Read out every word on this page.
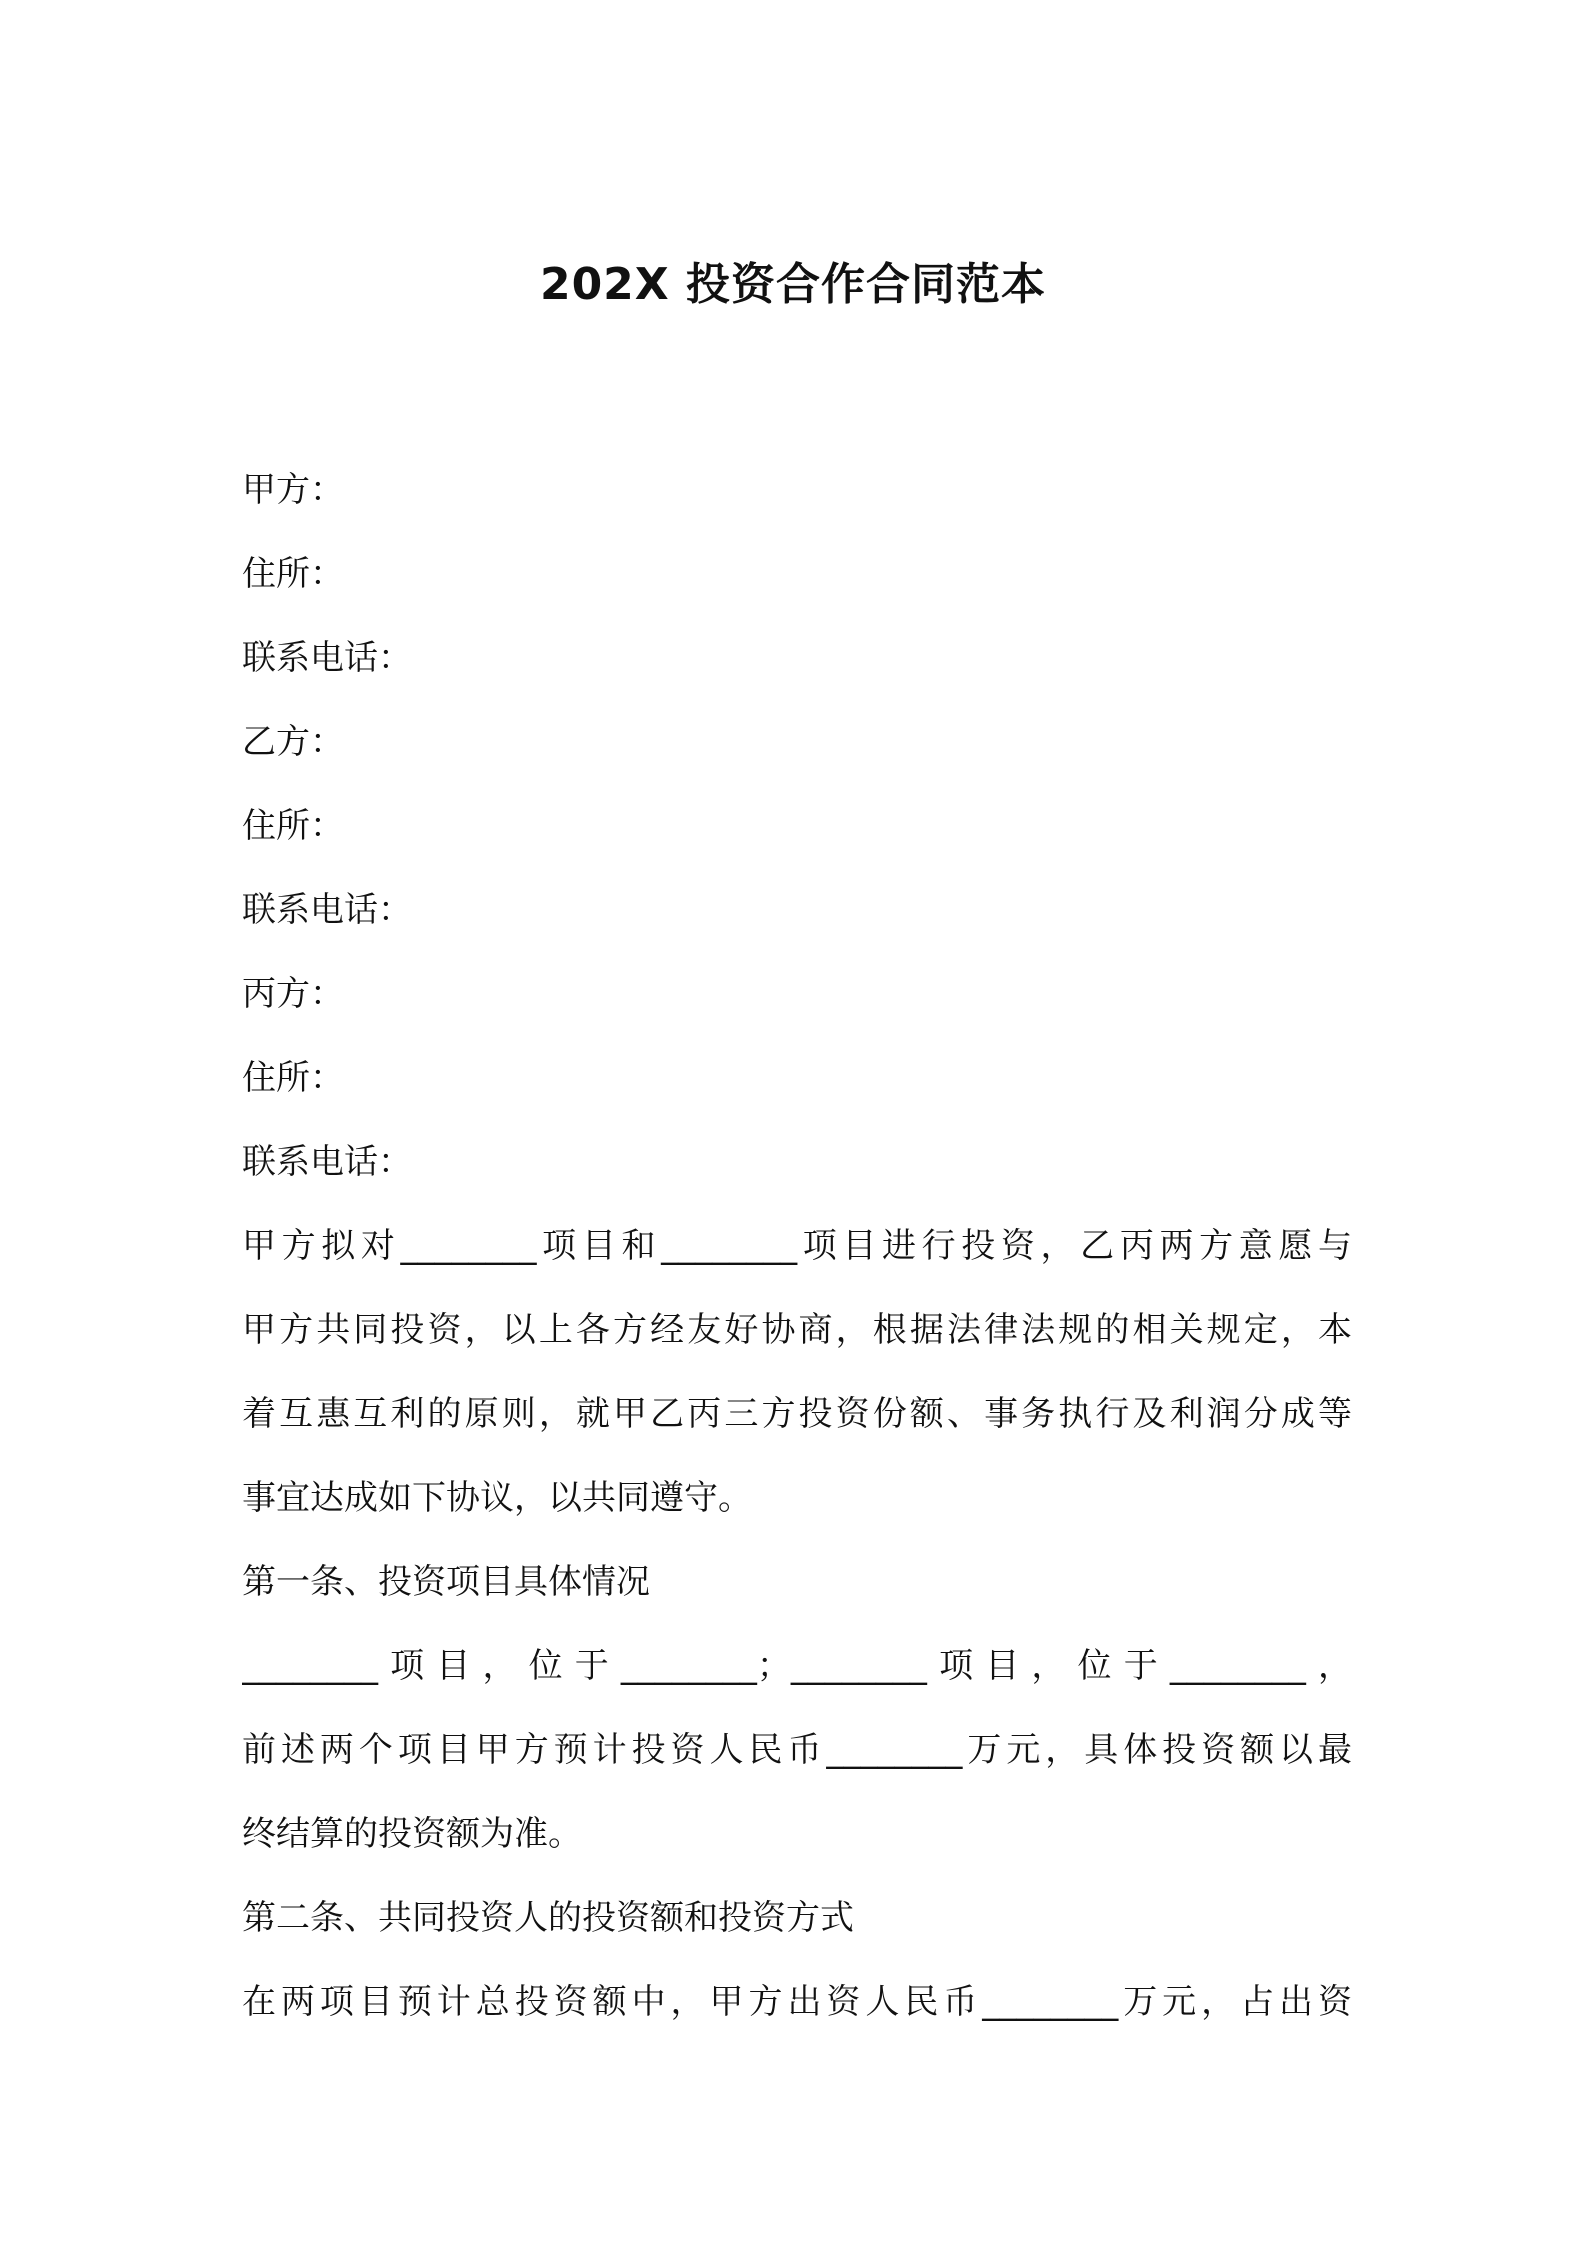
202X 投资合作合同范本
甲方：
住所：
联系电话：
乙方：
住所：
联系电话：
丙方：
住所：
联系电话：
甲方拟对________项目和________项目进行投资，乙丙两方意愿与
甲方共同投资，以上各方经友好协商，根据法律法规的相关规定，本
着互惠互利的原则，就甲乙丙三方投资份额、事务执行及利润分成等
事宜达成如下协议，以共同遵守。
第一条、投资项目具体情况
________项目，位于________；________项目，位于________，
前述两个项目甲方预计投资人民币________万元，具体投资额以最
终结算的投资额为准。
第二条、共同投资人的投资额和投资方式
在两项目预计总投资额中，甲方出资人民币________万元，占出资
